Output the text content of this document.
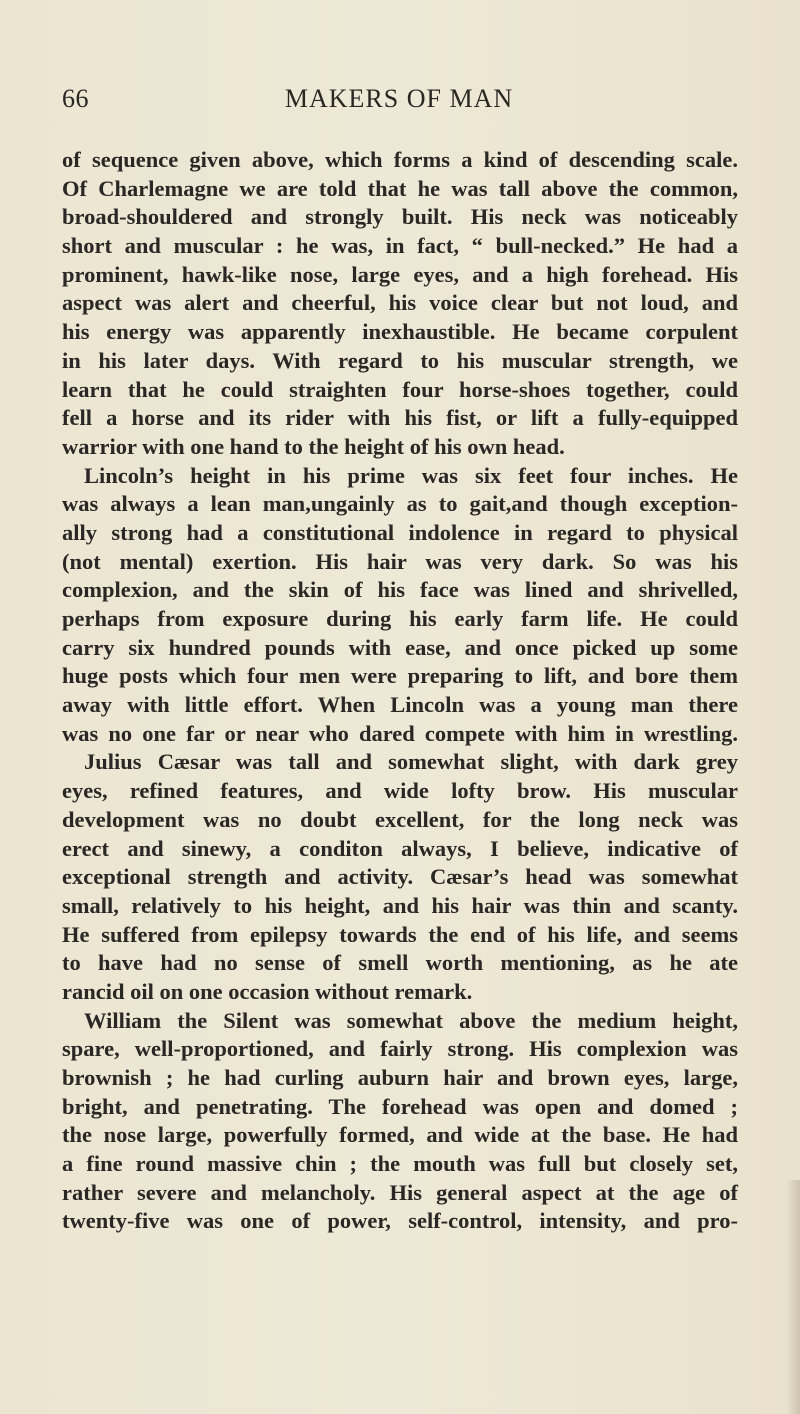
66	MAKERS OF MAN
of sequence given above, which forms a kind of descending scale.
Of Charlemagne we are told that he was tall above the common,
broad-shouldered and strongly built. His neck was noticeably
short and muscular : he was, in fact, “ bull-necked.” He had a
prominent, hawk-like nose, large eyes, and a high forehead. His
aspect was alert and cheerful, his voice clear but not loud, and
his energy was apparently inexhaustible. He became corpulent
in his later days. With regard to his muscular strength, we
learn that he could straighten four horse-shoes together, could
fell a horse and its rider with his fist, or lift a fully-equipped
warrior with one hand to the height of his own head.
Lincoln’s height in his prime was six feet four inches. He
was always a lean man,ungainly as to gait,and though exception-
ally strong had a constitutional indolence in regard to physical
(not mental) exertion. His hair was very dark. So was his
complexion, and the skin of his face was lined and shrivelled,
perhaps from exposure during his early farm life. He could
carry six hundred pounds with ease, and once picked up some
huge posts which four men were preparing to lift, and bore them
away with little effort. When Lincoln was a young man there
was no one far or near who dared compete with him in wrestling.
Julius Cæsar was tall and somewhat slight, with dark grey
eyes, refined features, and wide lofty brow. His muscular
development was no doubt excellent, for the long neck was
erect and sinewy, a conditon always, I believe, indicative of
exceptional strength and activity. Cæsar’s head was somewhat
small, relatively to his height, and his hair was thin and scanty.
He suffered from epilepsy towards the end of his life, and seems
to have had no sense of smell worth mentioning, as he ate
rancid oil on one occasion without remark.
William the Silent was somewhat above the medium height,
spare, well-proportioned, and fairly strong. His complexion was
brownish ; he had curling auburn hair and brown eyes, large,
bright, and penetrating. The forehead was open and domed ;
the nose large, powerfully formed, and wide at the base. He had
a fine round massive chin ; the mouth was full but closely set,
rather severe and melancholy. His general aspect at the age of
twenty-five was one of power, self-control, intensity, and pro-
